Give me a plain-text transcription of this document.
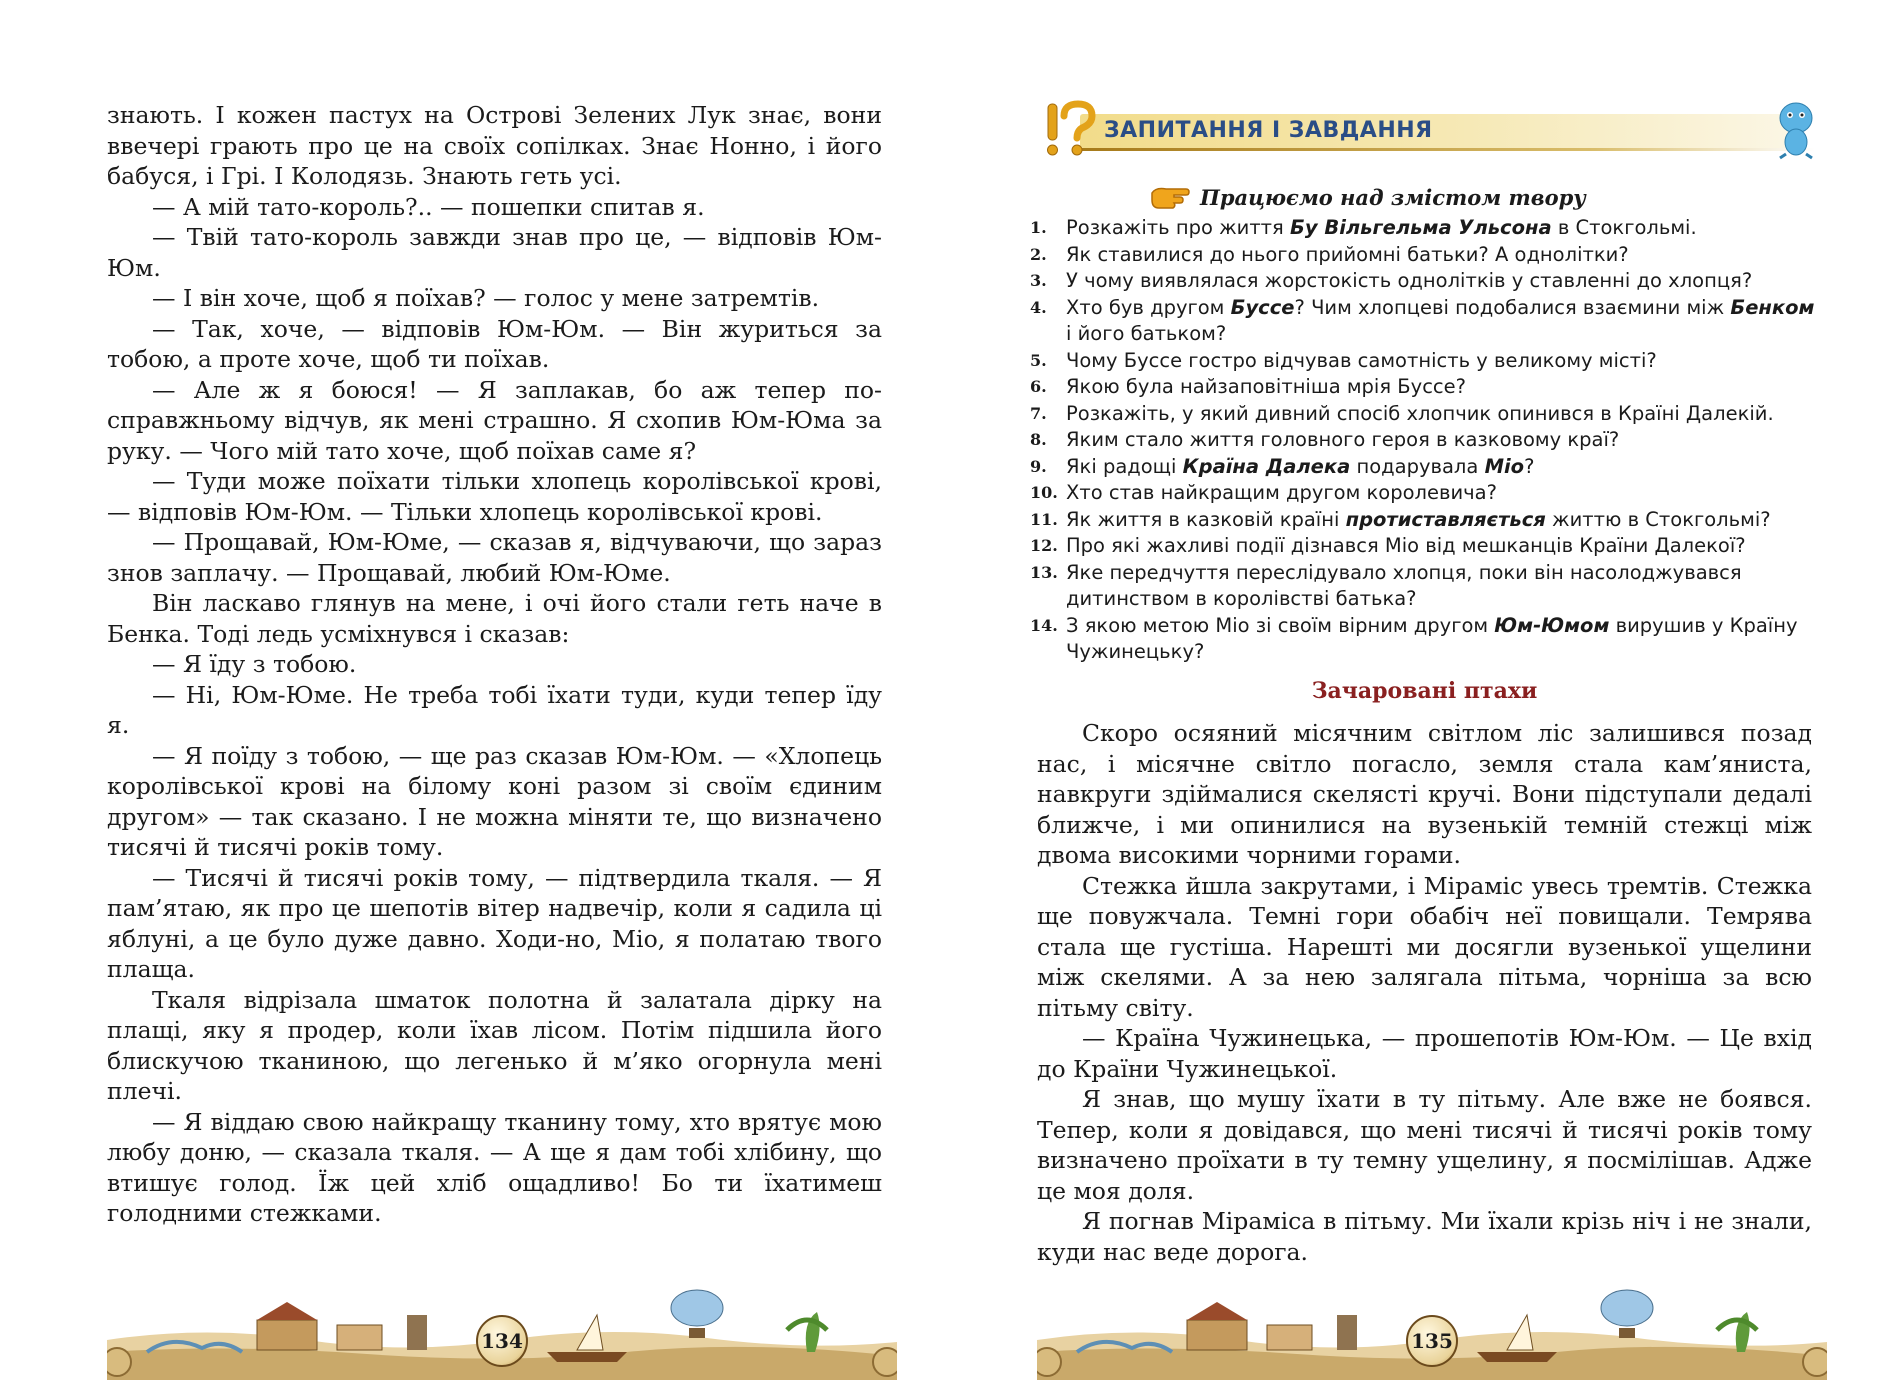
знають. І кожен пастух на Острові Зелених Лук знає, вони ввечері грають про це на своїх сопілках. Знає Нонно, і його бабуся, і Грі. І Колодязь. Знають геть усі.

— А мій тато-король?.. — пошепки спитав я.

— Твій тато-король завжди знав про це, — відповів Юм-Юм.

— І він хоче, щоб я поїхав? — голос у мене затремтів.

— Так, хоче, — відповів Юм-Юм. — Він журиться за тобою, а проте хоче, щоб ти поїхав.

— Але ж я боюся! — Я заплакав, бо аж тепер по-справжньому відчув, як мені страшно. Я схопив Юм-Юма за руку. — Чого мій тато хоче, щоб поїхав саме я?

— Туди може поїхати тільки хлопець королівської крові, — відповів Юм-Юм. — Тільки хлопець королівської крові.

— Прощавай, Юм-Юме, — сказав я, відчуваючи, що зараз знов заплачу. — Прощавай, любий Юм-Юме.

Він ласкаво глянув на мене, і очі його стали геть наче в Бенка. Тоді ледь усміхнувся і сказав:

— Я їду з тобою.

— Ні, Юм-Юме. Не треба тобі їхати туди, куди тепер їду я.

— Я поїду з тобою, — ще раз сказав Юм-Юм. — «Хлопець королівської крові на білому коні разом зі своїм єдиним другом» — так сказано. І не можна міняти те, що визначено тисячі й тисячі років тому.

— Тисячі й тисячі років тому, — підтвердила ткаля. — Я пам’ятаю, як про це шепотів вітер надвечір, коли я садила ці яблуні, а це було дуже давно. Ходи-но, Міо, я полатаю твого плаща.

Ткаля відрізала шматок полотна й залатала дірку на плащі, яку я продер, коли їхав лісом. Потім підшила його блискучою тканиною, що легенько й м’яко огорнула мені плечі.

— Я віддаю свою найкращу тканину тому, хто врятує мою любу доню, — сказала ткаля. — А ще я дам тобі хлібину, що втишує голод. Їж цей хліб ощадливо! Бо ти їхатимеш голодними стежками.

134
ЗАПИТАННЯ І ЗАВДАННЯ
Працюємо над змістом твору
1. Розкажіть про життя Бу Вільгельма Ульсона в Стокгольмі.
2. Як ставилися до нього прийомні батьки? А однолітки?
3. У чому виявлялася жорстокість однолітків у ставленні до хлопця?
4. Хто був другом Буссе? Чим хлопцеві подобалися взаємини між Бенком і його батьком?
5. Чому Буссе гостро відчував самотність у великому місті?
6. Якою була найзаповітніша мрія Буссе?
7. Розкажіть, у який дивний спосіб хлопчик опинився в Країні Далекій.
8. Яким стало життя головного героя в казковому краї?
9. Які радощі Країна Далека подарувала Міо?
10. Хто став найкращим другом королевича?
11. Як життя в казковій країні протиставляється життю в Стокгольмі?
12. Про які жахливі події дізнався Міо від мешканців Країни Далекої?
13. Яке передчуття переслідувало хлопця, поки він насолоджувався дитинством в королівстві батька?
14. З якою метою Міо зі своїм вірним другом Юм-Юмом вирушив у Країну Чужинецьку?
Зачаровані птахи

Скоро осяяний місячним світлом ліс залишився позад нас, і місячне світло погасло, земля стала кам’яниста, навкруги здіймалися скелясті кручі. Вони підступали дедалі ближче, і ми опинилися на вузенькій темній стежці між двома високими чорними горами.

Стежка йшла закрутами, і Міраміс увесь тремтів. Стежка ще повужчала. Темні гори обабіч неї повищали. Темрява стала ще густіша. Нарешті ми досягли вузенької ущелини між скелями. А за нею залягала пітьма, чорніша за всю пітьму світу.

— Країна Чужинецька, — прошепотів Юм-Юм. — Це вхід до Країни Чужинецької.

Я знав, що мушу їхати в ту пітьму. Але вже не боявся. Тепер, коли я довідався, що мені тисячі й тисячі років тому визначено проїхати в ту темну ущелину, я посмілішав. Адже це моя доля.

Я погнав Міраміса в пітьму. Ми їхали крізь ніч і не знали, куди нас веде дорога.

135
